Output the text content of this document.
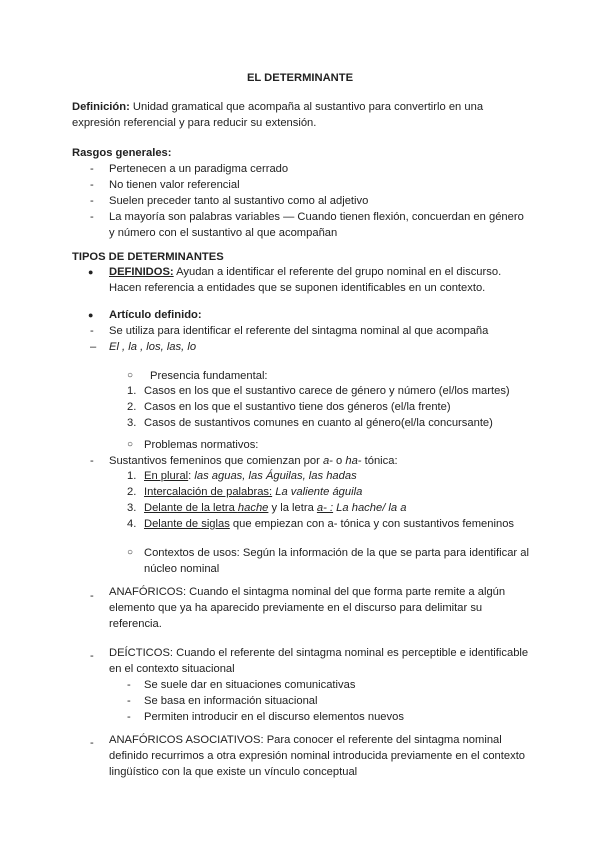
EL DETERMINANTE
Definición: Unidad gramatical que acompaña al sustantivo para convertirlo en una expresión referencial y para reducir su extensión.
Rasgos generales:
- Pertenecen a un paradigma cerrado
- No tienen valor referencial
- Suelen preceder tanto al sustantivo como al adjetivo
- La mayoría son palabras variables — Cuando tienen flexión, concuerdan en género y número con el sustantivo al que acompañan
TIPOS DE DETERMINANTES
● DEFINIDOS: Ayudan a identificar el referente del grupo nominal en el discurso. Hacen referencia a entidades que se suponen identificables en un contexto.
● Artículo definido:
- Se utiliza para identificar el referente del sintagma nominal al que acompaña
– El , la , los, las, lo
○ Presencia fundamental:
1. Casos en los que el sustantivo carece de género y número (el/los martes)
2. Casos en los que el sustantivo tiene dos géneros (el/la frente)
3. Casos de sustantivos comunes en cuanto al género(el/la concursante)
○ Problemas normativos:
- Sustantivos femeninos que comienzan por a- o ha- tónica:
1. En plural: las aguas, las Águilas, las hadas
2. Intercalación de palabras: La valiente águila
3. Delante de la letra hache y la letra a- : La hache/ la a
4. Delante de siglas que empiezan con a- tónica y con sustantivos femeninos
○ Contextos de usos: Según la información de la que se parta para identificar al núcleo nominal
- ANAFÓRICOS: Cuando el sintagma nominal del que forma parte remite a algún elemento que ya ha aparecido previamente en el discurso para delimitar su referencia.
- DEÍCTICOS: Cuando el referente del sintagma nominal es perceptible e identificable en el contexto situacional
- Se suele dar en situaciones comunicativas
- Se basa en información situacional
- Permiten introducir en el discurso elementos nuevos
- ANAFÓRICOS ASOCIATIVOS: Para conocer el referente del sintagma nominal definido recurrimos a otra expresión nominal introducida previamente en el contexto lingüístico con la que existe un vínculo conceptual
